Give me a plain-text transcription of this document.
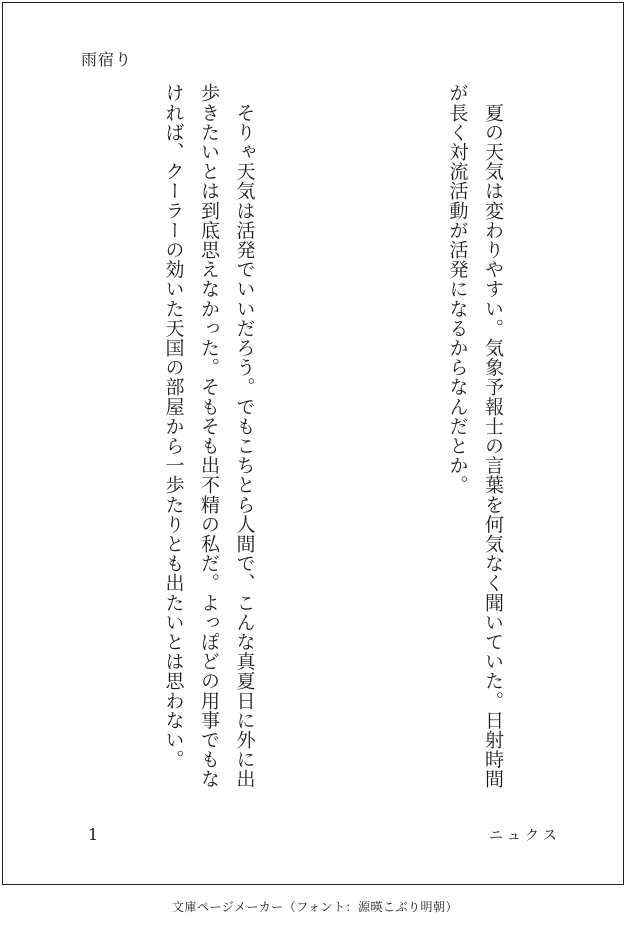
雨宿り

　夏の天気は変わりやすい。気象予報士の言葉を何気なく聞いていた。日射時間が長く対流活動が活発になるからなんだとか。

　そりゃ天気は活発でいいだろう。でもこちとら人間で、こんな真夏日に外に出歩きたいとは到底思えなかった。そもそも出不精の私だ。よっぽどの用事でもなければ、クーラーの効いた天国の部屋から一歩たりとも出たいとは思わない。

1	ニュクス
文庫ページメーカー（フォント：源暎こぶり明朝）
